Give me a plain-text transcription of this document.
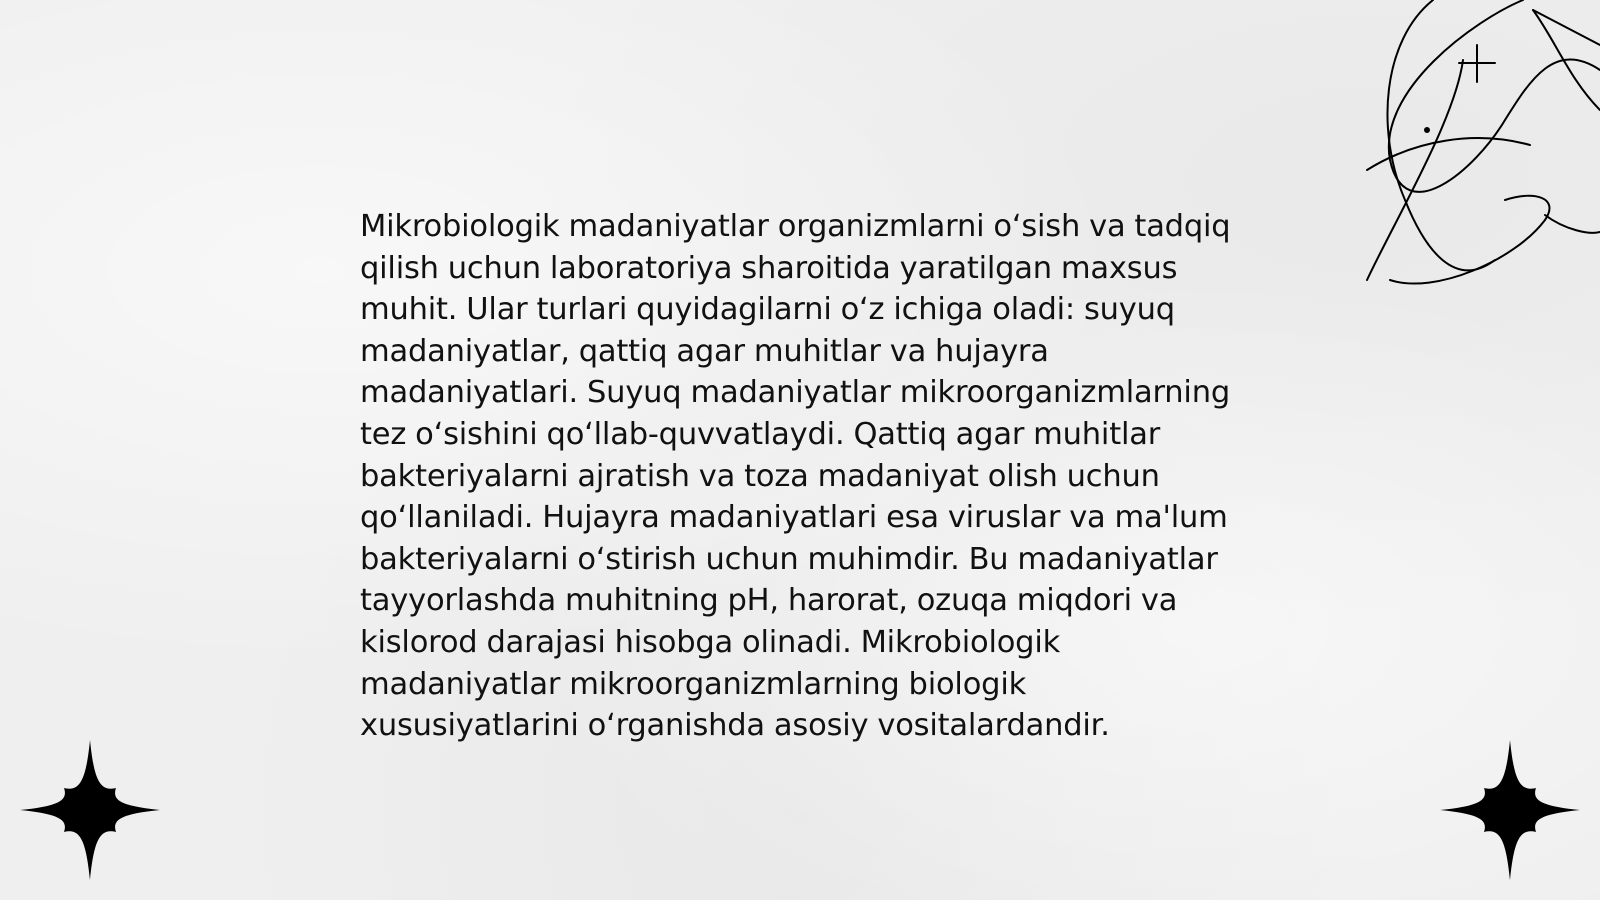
Mikrobiologik madaniyatlar organizmlarni o‘sish va tadqiq qilish uchun laboratoriya sharoitida yaratilgan maxsus muhit. Ular turlari quyidagilarni o‘z ichiga oladi: suyuq madaniyatlar, qattiq agar muhitlar va hujayra madaniyatlari. Suyuq madaniyatlar mikroorganizmlarning tez o‘sishini qo‘llab-quvvatlaydi. Qattiq agar muhitlar bakteriyalarni ajratish va toza madaniyat olish uchun qo‘llaniladi. Hujayra madaniyatlari esa viruslar va ma'lum bakteriyalarni o‘stirish uchun muhimdir. Bu madaniyatlar tayyorlashda muhitning pH, harorat, ozuqa miqdori va kislorod darajasi hisobga olinadi. Mikrobiologik madaniyatlar mikroorganizmlarning biologik xususiyatlarini o‘rganishda asosiy vositalardandir.
